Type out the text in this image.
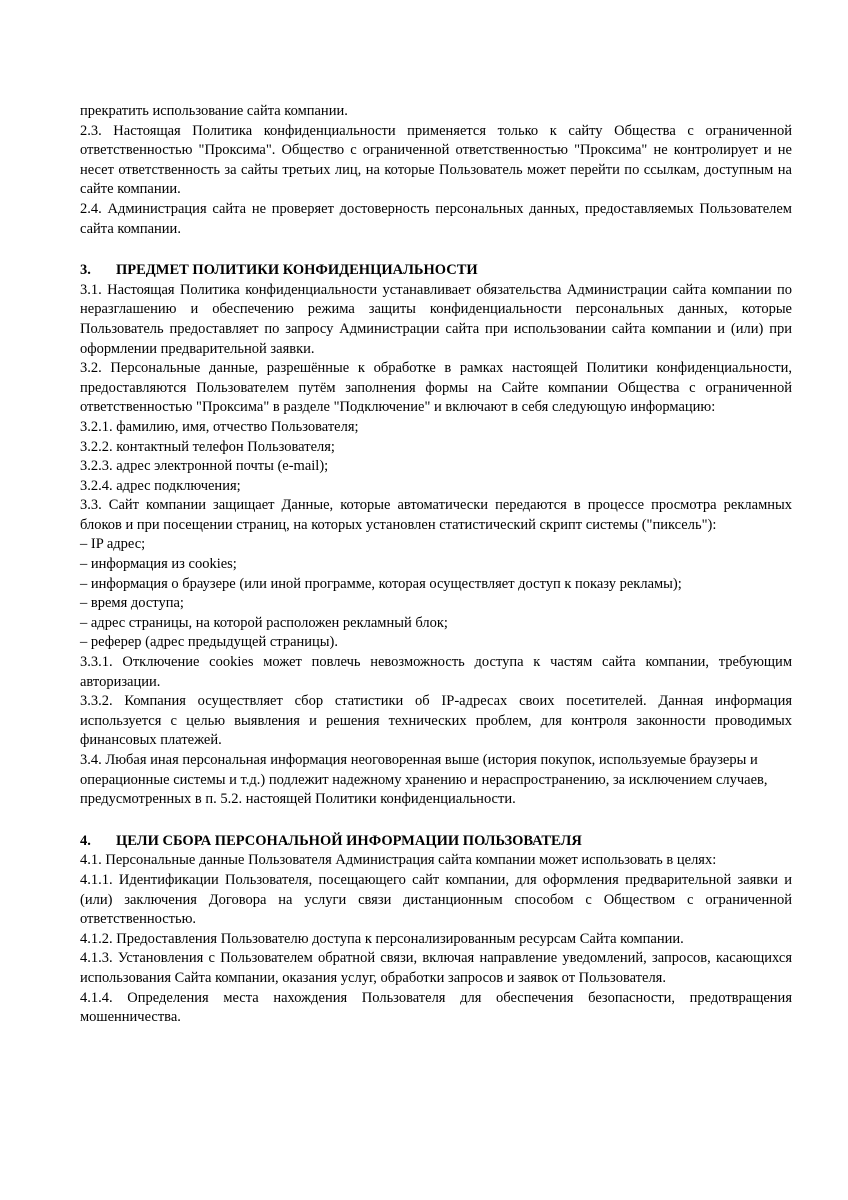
прекратить использование сайта компании.

2.3. Настоящая Политика конфиденциальности применяется только к сайту Общества с ограниченной ответственностью "Проксима". Общество с ограниченной ответственностью "Проксима" не контролирует и не несет ответственность за сайты третьих лиц, на которые Пользователь может перейти по ссылкам, доступным на сайте компании.

2.4. Администрация сайта не проверяет достоверность персональных данных, предоставляемых Пользователем сайта компании.

3. ПРЕДМЕТ ПОЛИТИКИ КОНФИДЕНЦИАЛЬНОСТИ

3.1. Настоящая Политика конфиденциальности устанавливает обязательства Администрации сайта компании по неразглашению и обеспечению режима защиты конфиденциальности персональных данных, которые Пользователь предоставляет по запросу Администрации сайта при использовании сайта компании и (или) при оформлении предварительной заявки.

3.2. Персональные данные, разрешённые к обработке в рамках настоящей Политики конфиденциальности, предоставляются Пользователем путём заполнения формы на Сайте компании Общества с ограниченной ответственностью "Проксима" в разделе "Подключение" и включают в себя следующую информацию:

3.2.1. фамилию, имя, отчество Пользователя;

3.2.2. контактный телефон Пользователя;

3.2.3. адрес электронной почты (e-mail);

3.2.4. адрес подключения;

3.3. Сайт компании защищает Данные, которые автоматически передаются в процессе просмотра рекламных блоков и при посещении страниц, на которых установлен статистический скрипт системы ("пиксель"):

– IP адрес;

– информация из cookies;

– информация о браузере (или иной программе, которая осуществляет доступ к показу рекламы);

– время доступа;

– адрес страницы, на которой расположен рекламный блок;

– реферер (адрес предыдущей страницы).

3.3.1. Отключение cookies может повлечь невозможность доступа к частям сайта компании, требующим авторизации.

3.3.2. Компания осуществляет сбор статистики об IP-адресах своих посетителей. Данная информация используется с целью выявления и решения технических проблем, для контроля законности проводимых финансовых платежей.

3.4. Любая иная персональная информация неоговоренная выше (история покупок, используемые браузеры и операционные системы и т.д.) подлежит надежному хранению и нераспространению, за исключением случаев, предусмотренных в п. 5.2. настоящей Политики конфиденциальности.

4. ЦЕЛИ СБОРА ПЕРСОНАЛЬНОЙ ИНФОРМАЦИИ ПОЛЬЗОВАТЕЛЯ

4.1. Персональные данные Пользователя Администрация сайта компании может использовать в целях:

4.1.1. Идентификации Пользователя, посещающего сайт компании, для оформления предварительной заявки и (или) заключения Договора на услуги связи дистанционным способом с Обществом с ограниченной ответственностью.

4.1.2. Предоставления Пользователю доступа к персонализированным ресурсам Сайта компании.

4.1.3. Установления с Пользователем обратной связи, включая направление уведомлений, запросов, касающихся использования Сайта компании, оказания услуг, обработки запросов и заявок от Пользователя.

4.1.4. Определения места нахождения Пользователя для обеспечения безопасности, предотвращения мошенничества.
